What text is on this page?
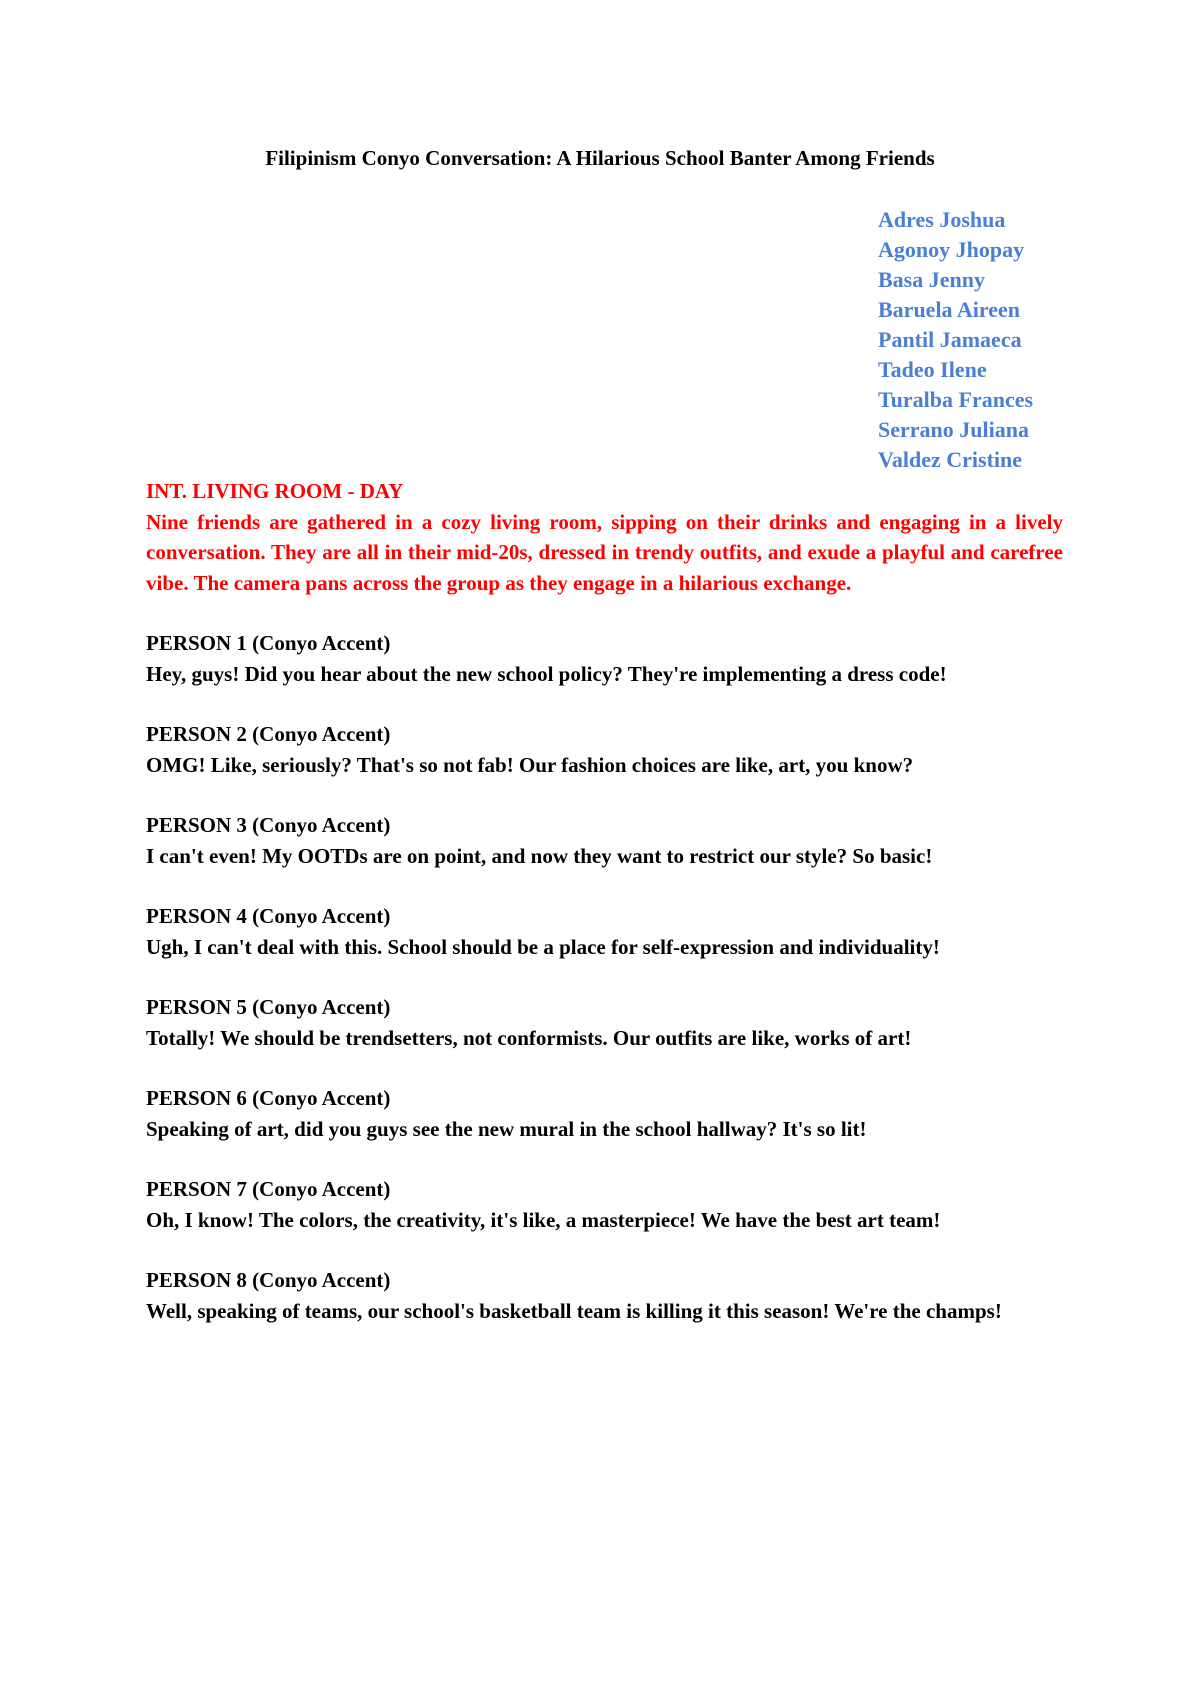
Filipinism Conyo Conversation: A Hilarious School Banter Among Friends
Adres Joshua
Agonoy Jhopay
Basa Jenny
Baruela Aireen
Pantil Jamaeca
Tadeo Ilene
Turalba Frances
Serrano Juliana
Valdez Cristine

INT. LIVING ROOM - DAY

Nine friends are gathered in a cozy living room, sipping on their drinks and engaging in a lively conversation. They are all in their mid-20s, dressed in trendy outfits, and exude a playful and carefree vibe. The camera pans across the group as they engage in a hilarious exchange.

PERSON 1 (Conyo Accent)

Hey, guys! Did you hear about the new school policy? They're implementing a dress code!

PERSON 2 (Conyo Accent)

OMG! Like, seriously? That's so not fab! Our fashion choices are like, art, you know?

PERSON 3 (Conyo Accent)

I can't even! My OOTDs are on point, and now they want to restrict our style? So basic!

PERSON 4 (Conyo Accent)

Ugh, I can't deal with this. School should be a place for self-expression and individuality!

PERSON 5 (Conyo Accent)

Totally! We should be trendsetters, not conformists. Our outfits are like, works of art!

PERSON 6 (Conyo Accent)

Speaking of art, did you guys see the new mural in the school hallway? It's so lit!

PERSON 7 (Conyo Accent)

Oh, I know! The colors, the creativity, it's like, a masterpiece! We have the best art team!

PERSON 8 (Conyo Accent)

Well, speaking of teams, our school's basketball team is killing it this season! We're the champs!
